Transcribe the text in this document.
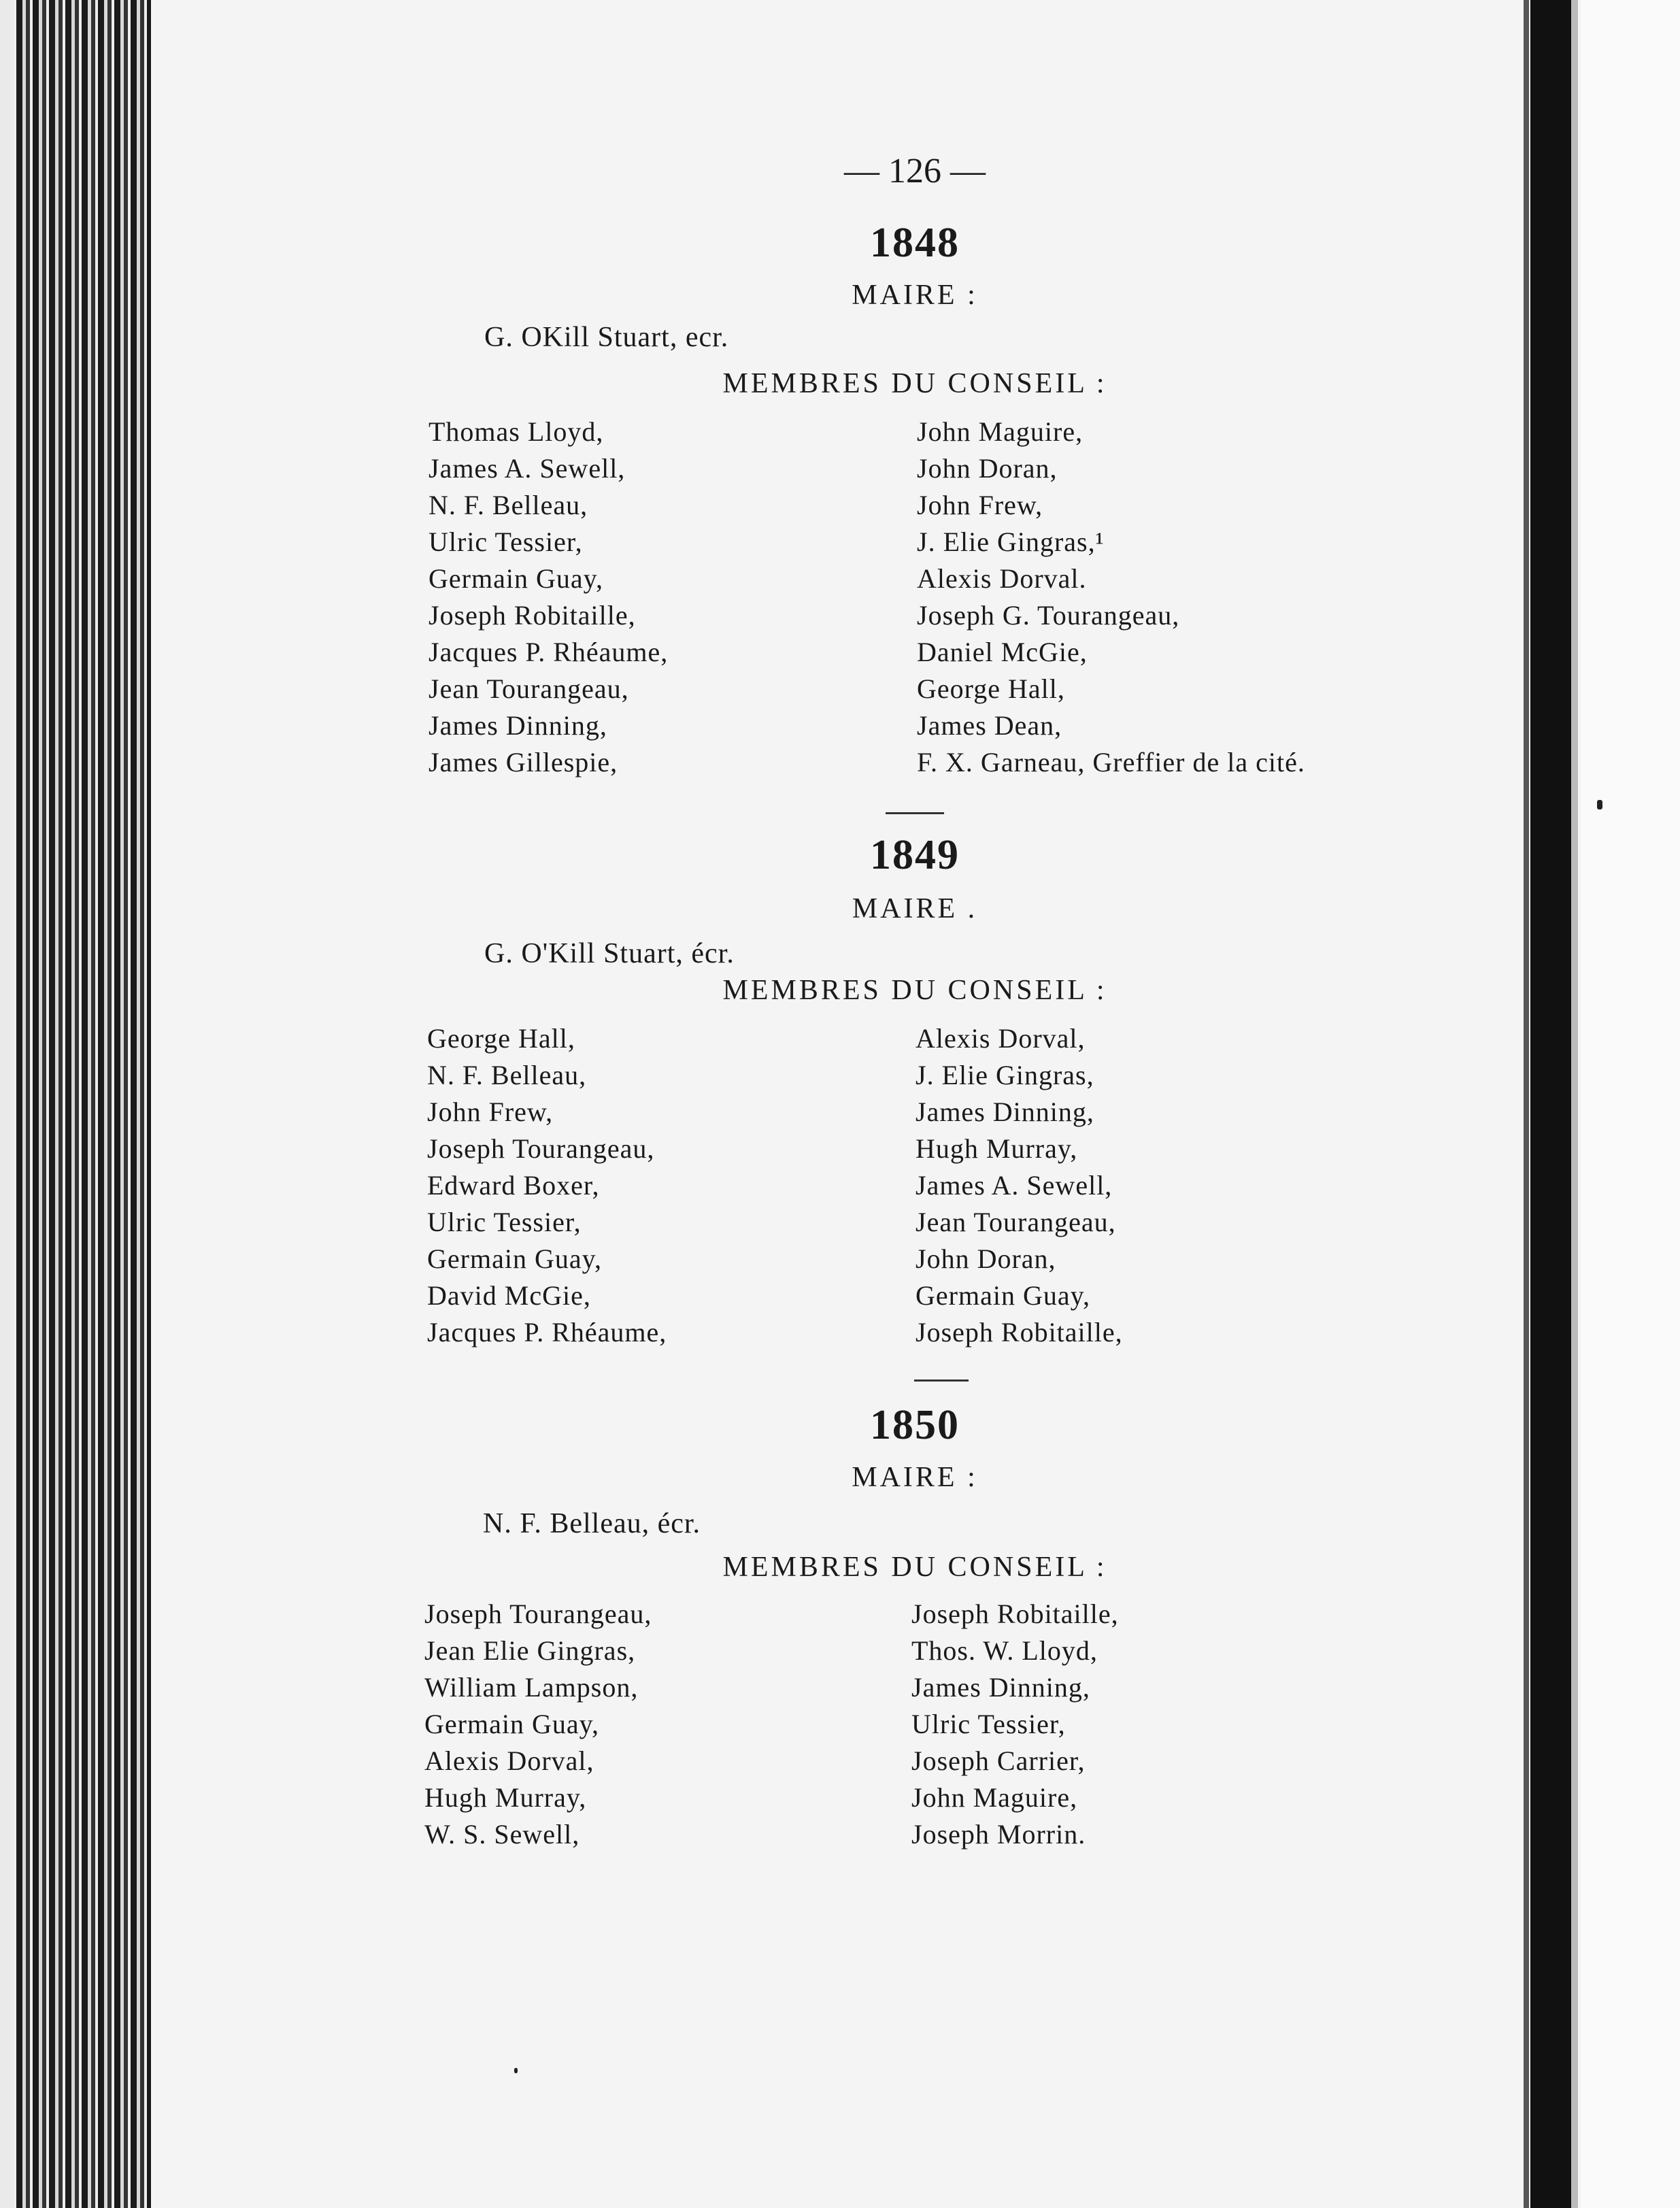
— 126 —
1848
MAIRE :
G. OKill Stuart, ecr.
MEMBRES DU CONSEIL :
Thomas Lloyd,
James A. Sewell,
N. F. Belleau,
Ulric Tessier,
Germain Guay,
Joseph Robitaille,
Jacques P. Rhéaume,
Jean Tourangeau,
James Dinning,
James Gillespie,
John Maguire,
John Doran,
John Frew,
J. Elie Gingras,¹
Alexis Dorval.
Joseph G. Tourangeau,
Daniel McGie,
George Hall,
James Dean,
F. X. Garneau, Greffier de la cité.
1849
MAIRE .
G. O'Kill Stuart, écr.
MEMBRES DU CONSEIL :
George Hall,
N. F. Belleau,
John Frew,
Joseph Tourangeau,
Edward Boxer,
Ulric Tessier,
Germain Guay,
David McGie,
Jacques P. Rhéaume,
Alexis Dorval,
J. Elie Gingras,
James Dinning,
Hugh Murray,
James A. Sewell,
Jean Tourangeau,
John Doran,
Germain Guay,
Joseph Robitaille,
1850
MAIRE :
N. F. Belleau, écr.
MEMBRES DU CONSEIL :
Joseph Tourangeau,
Jean Elie Gingras,
William Lampson,
Germain Guay,
Alexis Dorval,
Hugh Murray,
W. S. Sewell,
Joseph Robitaille,
Thos. W. Lloyd,
James Dinning,
Ulric Tessier,
Joseph Carrier,
John Maguire,
Joseph Morrin.
